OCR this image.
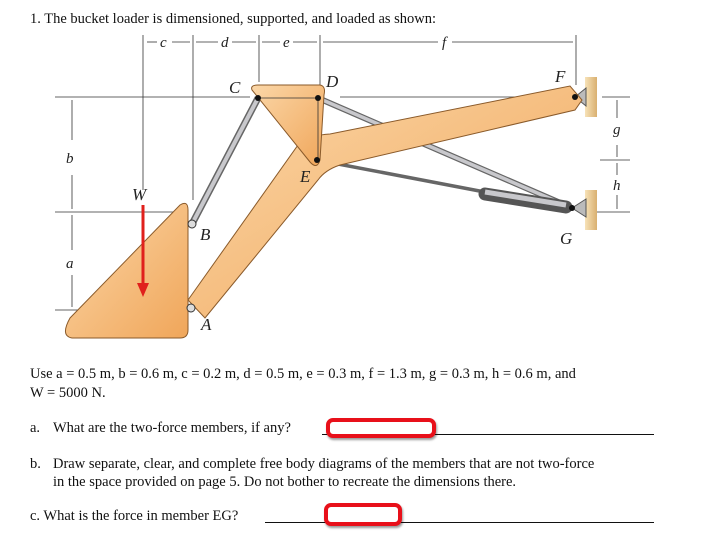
1. The bucket loader is dimensioned, supported, and loaded as shown:
c	d	e	f
b
a
g
h
W
C	D
E
F
G
B
A
Use a = 0.5 m, b = 0.6 m, c = 0.2 m, d = 0.5 m, e = 0.3 m, f = 1.3 m, g = 0.3 m, h = 0.6 m, and
W = 5000 N.
a. What are the two-force members, if any?
b. Draw separate, clear, and complete free body diagrams of the members that are not two-force
in the space provided on page 5. Do not bother to recreate the dimensions there.
c. What is the force in member EG?
